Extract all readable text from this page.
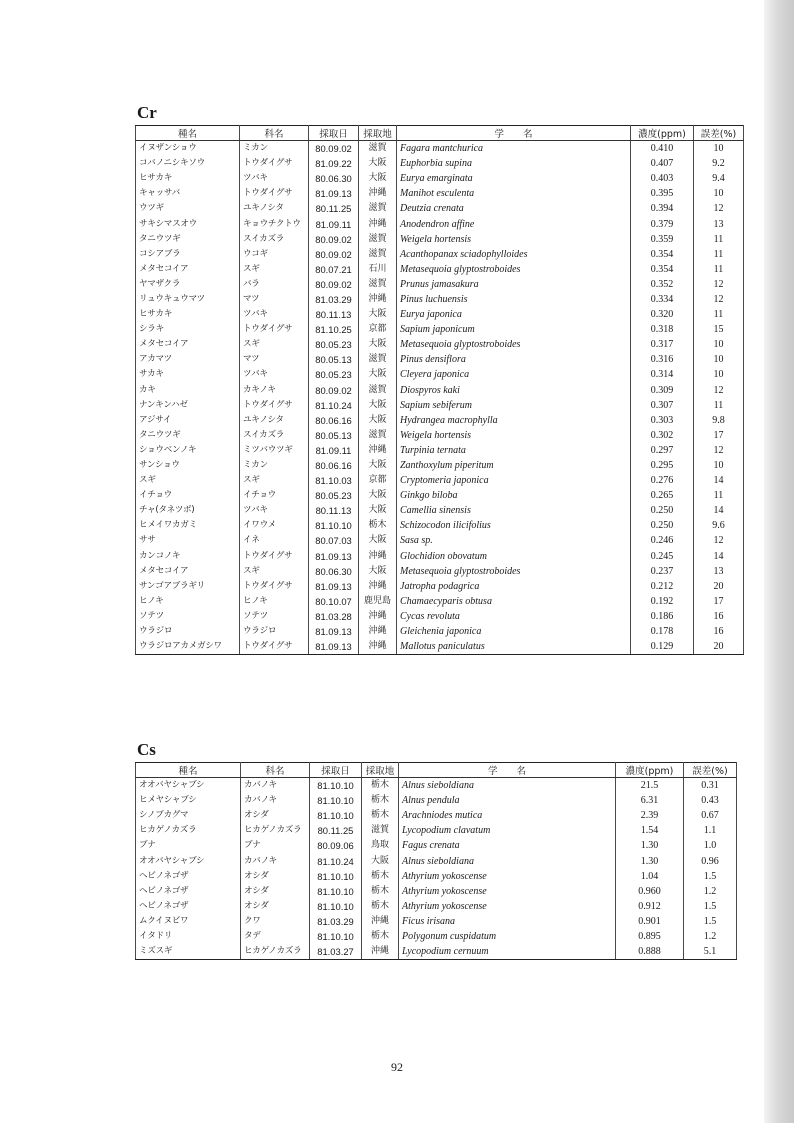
Cr
種名	科名	採取日	採取地	学　　名	濃度(ppm)	誤差(%)
イヌザンショウ	ミカン	80.09.02	滋賀	Fagara mantchurica	0.410	10
コバノニシキソウ	トウダイグサ	81.09.22	大阪	Euphorbia supina	0.407	9.2
ヒサカキ	ツバキ	80.06.30	大阪	Eurya emarginata	0.403	9.4
キャッサバ	トウダイグサ	81.09.13	沖縄	Manihot esculenta	0.395	10
ウツギ	ユキノシタ	80.11.25	滋賀	Deutzia crenata	0.394	12
サキシマスオウ	キョウチクトウ	81.09.11	沖縄	Anodendron affine	0.379	13
タニウツギ	スイカズラ	80.09.02	滋賀	Weigela hortensis	0.359	11
コシアブラ	ウコギ	80.09.02	滋賀	Acanthopanax sciadophylloides	0.354	11
メタセコイア	スギ	80.07.21	石川	Metasequoia glyptostroboides	0.354	11
ヤマザクラ	バラ	80.09.02	滋賀	Prunus jamasakura	0.352	12
リュウキュウマツ	マツ	81.03.29	沖縄	Pinus luchuensis	0.334	12
ヒサカキ	ツバキ	80.11.13	大阪	Eurya japonica	0.320	11
シラキ	トウダイグサ	81.10.25	京都	Sapium japonicum	0.318	15
メタセコイア	スギ	80.05.23	大阪	Metasequoia glyptostroboides	0.317	10
アカマツ	マツ	80.05.13	滋賀	Pinus densiflora	0.316	10
サカキ	ツバキ	80.05.23	大阪	Cleyera japonica	0.314	10
カキ	カキノキ	80.09.02	滋賀	Diospyros kaki	0.309	12
ナンキンハゼ	トウダイグサ	81.10.24	大阪	Sapium sebiferum	0.307	11
アジサイ	ユキノシタ	80.06.16	大阪	Hydrangea macrophylla	0.303	9.8
タニウツギ	スイカズラ	80.05.13	滋賀	Weigela hortensis	0.302	17
ショウベンノキ	ミツバウツギ	81.09.11	沖縄	Turpinia ternata	0.297	12
サンショウ	ミカン	80.06.16	大阪	Zanthoxylum piperitum	0.295	10
スギ	スギ	81.10.03	京都	Cryptomeria japonica	0.276	14
イチョウ	イチョウ	80.05.23	大阪	Ginkgo biloba	0.265	11
チャ(タネツボ)	ツバキ	80.11.13	大阪	Camellia sinensis	0.250	14
ヒメイワカガミ	イワウメ	81.10.10	栃木	Schizocodon ilicifolius	0.250	9.6
ササ	イネ	80.07.03	大阪	Sasa sp.	0.246	12
カンコノキ	トウダイグサ	81.09.13	沖縄	Glochidion obovatum	0.245	14
メタセコイア	スギ	80.06.30	大阪	Metasequoia glyptostroboides	0.237	13
サンゴアブラギリ	トウダイグサ	81.09.13	沖縄	Jatropha podagrica	0.212	20
ヒノキ	ヒノキ	80.10.07	鹿児島	Chamaecyparis obtusa	0.192	17
ソテツ	ソテツ	81.03.28	沖縄	Cycas revoluta	0.186	16
ウラジロ	ウラジロ	81.09.13	沖縄	Gleichenia japonica	0.178	16
ウラジロアカメガシワ	トウダイグサ	81.09.13	沖縄	Mallotus paniculatus	0.129	20
Cs
種名	科名	採取日	採取地	学　　名	濃度(ppm)	誤差(%)
オオバヤシャブシ	カバノキ	81.10.10	栃木	Alnus sieboldiana	21.5	0.31
ヒメヤシャブシ	カバノキ	81.10.10	栃木	Alnus pendula	6.31	0.43
シノブカグマ	オシダ	81.10.10	栃木	Arachniodes mutica	2.39	0.67
ヒカゲノカズラ	ヒカゲノカズラ	80.11.25	滋賀	Lycopodium clavatum	1.54	1.1
ブナ	ブナ	80.09.06	鳥取	Fagus crenata	1.30	1.0
オオバヤシャブシ	カバノキ	81.10.24	大阪	Alnus sieboldiana	1.30	0.96
ヘビノネゴザ	オシダ	81.10.10	栃木	Athyrium yokoscense	1.04	1.5
ヘビノネゴザ	オシダ	81.10.10	栃木	Athyrium yokoscense	0.960	1.2
ヘビノネゴザ	オシダ	81.10.10	栃木	Athyrium yokoscense	0.912	1.5
ムクイヌビワ	クワ	81.03.29	沖縄	Ficus irisana	0.901	1.5
イタドリ	タデ	81.10.10	栃木	Polygonum cuspidatum	0.895	1.2
ミズスギ	ヒカゲノカズラ	81.03.27	沖縄	Lycopodium cernuum	0.888	5.1
92
